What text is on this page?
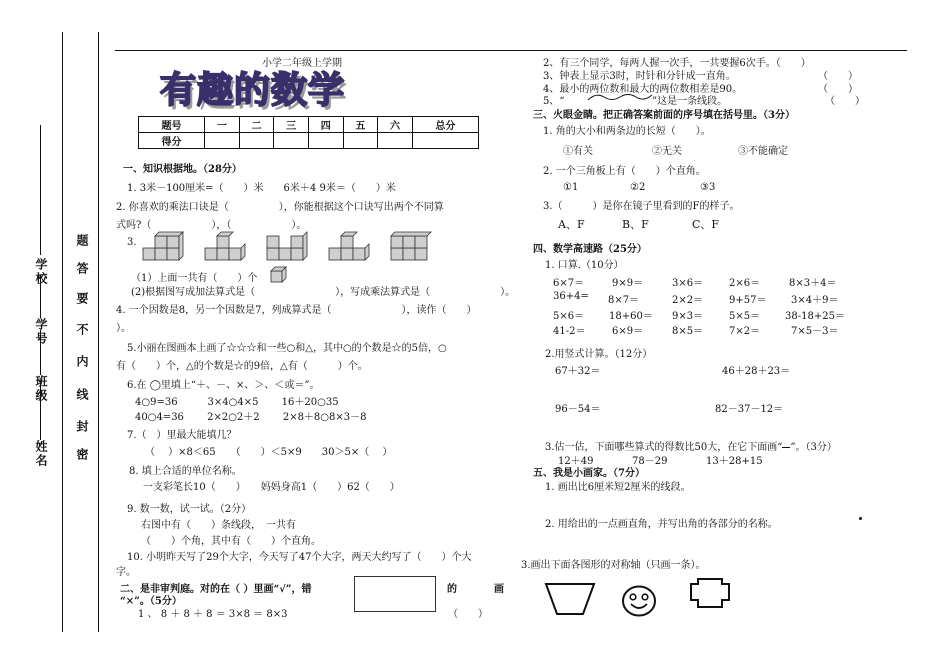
姓名
班级
学号
学校
密
封
线
内
不
要
答
题
小学二年级上学期
有趣的数学
题号	一	二	三	四	五	六	总分
得分							
一、知识根据地。（28分）
1. 3米－100厘米=（　　）米　　6米＋4 9米＝（　　）米
2. 你喜欢的乘法口诀是（　　　　　），你能根据这个口诀写出两个不同算
式吗?（　　　　　　），（　　　　　　）。
3.
（1）上面一共有（　　）个
(2)根据图写成加法算式是（　　　　　　　　），写成乘法算式是（　　　　　　　）。
4. 一个因数是8，另一个因数是7，列成算式是（　　　　　　　），读作（　　）
）。
5.小丽在图画本上画了☆☆☆和一些○和△，其中○的个数是☆的5倍，○
有（　　）个，△的个数是☆的9倍，△有（　　　）个。
6.在 ◯里填上“＋、－、×、＞、＜或＝”。
4○9=36　　　3×4○4×5　　 16＋20○35
40○4=36　　 2×2○2＋2　　 2×8＋8○8×3－8
7.（　）里最大能填几？
（　 ）×8＜65　　（　　）＜5×9　　30＞5×（　 ）
8. 填上合适的单位名称。
一支彩笔长10（　　）　　妈妈身高1（　　）62（　　）
9. 数一数，试一试。（2分）
右图中有（　　）条线段，　一共有
（　　）个角，其中有（　　）个直角。
10. 小明昨天写了29个大字，今天写了47个大字，两天大约写了（　　）个大
字。
二、是非审判庭。对的在（ ）里画“√”，错	的	画
“×”。（5分）
1 、 8 ＋ 8 ＋ 8 ＝ 3×8 ＝ 8×3	（　　）
2、有三个同学，每两人握一次手，一共要握6次手。（　　）
3、钟表上显示3时，时针和分针成一直角。	（　　）
4、最小的两位数和最大的两位数相差是90。	（　　）
5、“	”这是一条线段。	（　　）
三、火眼金睛。把正确答案前面的序号填在括号里。（3分）
1. 角的大小和两条边的长短（　　）。
①有关	②无关	③不能确定
2. 一个三角板上有（　　）个直角。
①1	②2	③3
3.（　　　）是你在镜子里看到的F的样子。
A、F	B、F	C、F
四、数学高速路（25分）
1. 口算.（10分）
6×7＝	9×9＝	3×6＝	2×6＝	8×3＋4＝
36+4= 8×7＝	2×2＝	9+57＝ 3×4＋9＝
5×6＝ 18+60＝ 9×3＝	5×5＝ 38-18+25＝
41-2＝	6×9＝	8×5＝	7×2＝	7×5－3＝
2.用竖式计算。（12分）
67＋32＝	46＋28＋23＝
96－54＝	82－37－12＝
3.估一估，下面哪些算式的得数比50大，在它下面画“ ”。（3分）
12＋49	78－29	13＋28+15
五、我是小画家。（7分）
1. 画出比6厘米短2厘米的线段。
2. 用给出的一点画直角，并写出角的各部分的名称。
3.画出下面各图形的对称轴（只画一条）。
